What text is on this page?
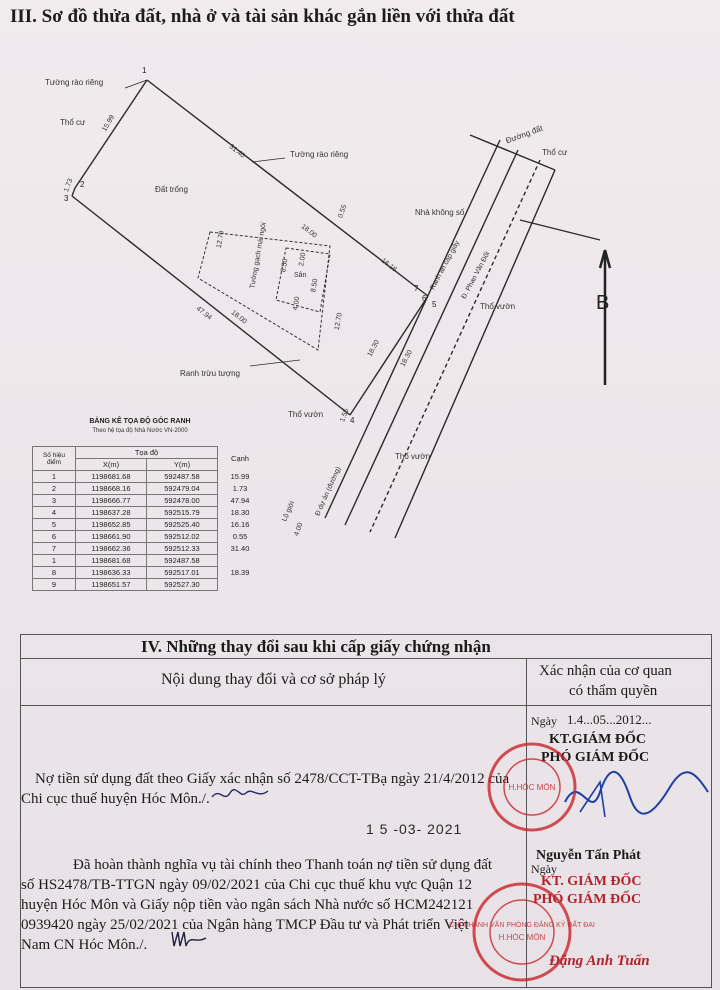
III. Sơ đồ thửa đất, nhà ở và tài sản khác gắn liền với thửa đất
Tường rào riêng
Thổ cư
Tường rào riêng
Đất trống
Đường đất
Thổ cư
Nhà không số
Ranh an cấp giấy Đ. Phan Văn Đối
Thổ vườn
Ranh trừu tượng
Thổ vườn
Thổ vườn
Tường gạch mái ngói	Sân
Đ dự án (đường)
Lộ giới
B
31.40
15.99
1.73
47.94
18.30
16.16
0.55
18.00
18.00
12.70
12.70
2.00
8.50
8.50
4.00
18.30
1.55
4.00
1
2
3
4
5
6
7
BẢNG KÊ TỌA ĐỘ GÓC RANH
Theo hệ tọa độ Nhà Nước VN-2000
Số hiệu điểm	Tọa độ		Cạnh
	X(m)	Y(m)	
1	1198681.68	592487.58	15.99
2	1198668.16	592479.04	1.73
3	1198666.77	592478.00	47.94
4	1198637.28	592515.79	18.30
5	1198652.85	592525.40	16.16
6	1198661.90	592512.02	0.55
7	1198662.36	592512.33	31.40
1	1198681.68	592487.58	
8	1198636.33	592517.01	18.39
9	1198651.57	592527.30	
IV. Những thay đổi sau khi cấp giấy chứng nhận
Nội dung thay đổi và cơ sở pháp lý	Xác nhận của cơ quan
có thẩm quyền
Ngày 1.4...05...2012...
KT.GIÁM ĐỐC
PHÓ GIÁM ĐỐC
Nợ tiền sử dụng đất theo Giấy xác nhận số 2478/CCT-TBạ ngày 21/4/2012 của
Chi cục thuế huyện Hóc Môn./.
1 5 -03- 2021
Nguyễn Tấn Phát
Ngày
KT. GIÁM ĐỐC
PHÓ GIÁM ĐỐC
Đã hoàn thành nghĩa vụ tài chính theo Thanh toán nợ tiền sử dụng đất
số HS2478/TB-TTGN ngày 09/02/2021 của Chi cục thuế khu vực Quận 12
huyện Hóc Môn và Giấy nộp tiền vào ngân sách Nhà nước số HCM242121
0939420 ngày 25/02/2021 của Ngân hàng TMCP Đầu tư và Phát triển Việt
Nam CN Hóc Môn./.
Đặng Anh Tuấn
H.HÓC MÔN
CHI NHÁNH VĂN PHÒNG ĐĂNG KÝ ĐẤT ĐAI
H.HÓC MÔN
